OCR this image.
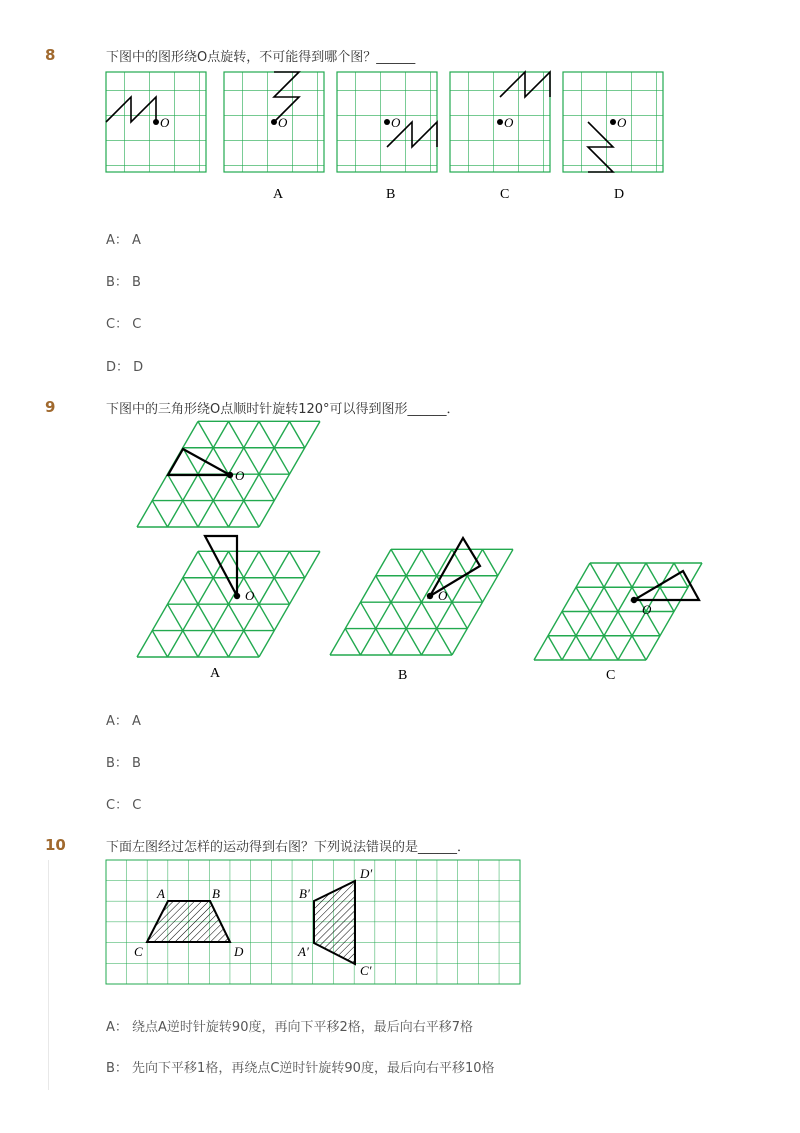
8	下图中的图形绕O点旋转，不可能得到哪个图？______
O	O	O	O	O
A	B	C	D
A： A
B： B
C： C
D： D
9	下图中的三角形绕O点顺时针旋转120°可以得到图形______．
O
O	O
O
A	B	C
A： A
B： B
C： C
10	下面左图经过怎样的运动得到右图？下列说法错误的是______．
A	B
C	D
B′
D′
A′
C′
A： 绕点A逆时针旋转90度，再向下平移2格，最后向右平移7格
B： 先向下平移1格，再绕点C逆时针旋转90度，最后向右平移10格
